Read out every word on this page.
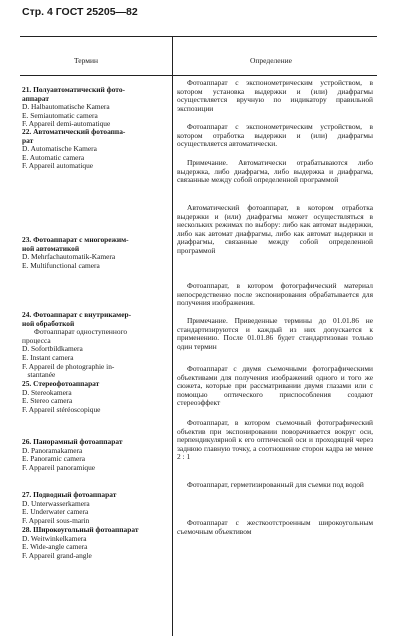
Стр. 4 ГОСТ 25205—82
Термин	Определение
21. Полуавтоматический фото-
аппарат
D. Halbautomatische Kamera
E. Semiautomatic camera
F. Appareil demi-automatique
22. Автоматический фотоаппа-
рат
D. Automatische Kamera
E. Automatic camera
F. Appareil automatique
23. Фотоаппарат с многорежим-
ной автоматикой
D. Mehrfachautomatik-Kamera
E. Multifunctional camera
24. Фотоаппарат с внутрикамер-
ной обработкой
Фотоаппарат одноступенного
процесса
D. Sofortbildkamera
E. Instant camera
F. Appareil de photographie in-
staпtanée
25. Стереофотоаппарат
D. Stereokamera
E. Stereo camera
F. Appareil stéréoscopique
26. Панорамный фотоаппарат
D. Panoramakamera
E. Panoramic camera
F. Appareil panoramique
27. Подводный фотоаппарат
D. Unterwasserkamera
E. Underwater camera
F. Appareil sous-marin
28. Широкоугольный фотоаппарат
D. Weitwinkelkamera
E. Wide-angle camera
F. Appareil grand-angle
Фотоаппарат с экспонометрическим устройством, в котором установка выдержки и (или) диафрагмы осуществляется вручную по индикатору правильной экспозиции
Фотоаппарат с экспонометрическим устройством, в котором отработка выдержки и (или) диафрагмы осуществляется автоматически.
Примечание. Автоматически отрабатываются либо выдержка, либо диафрагма, либо выдержка и диафрагма, связанные между собой определенной программой
Автоматический фотоаппарат, в котором отработка выдержки и (или) диафрагмы может осуществляться в нескольких режимах по выбору: либо как автомат выдержки, либо как автомат диафрагмы, либо как автомат выдержки и диафрагмы, связанные между собой определенной программой
Фотоаппарат, в котором фотографический материал непосредственно после экспонирования обрабатывается для получения изображения.
Примечание. Приведенные термины до 01.01.86 не стандартизируются и каждый из них допускается к применению. После 01.01.86 будет стандартизован только один термин
Фотоаппарат с двумя съемочными фотографическими объективами для получения изображений одного и того же сюжета, которые при рассматривании двумя глазами или с помощью оптического приспособления создают стереоэффект
Фотоаппарат, в котором съемочный фотографический объектив при экспонировании поворачивается вокруг оси, перпендикулярной к его оптической оси и проходящей через заднюю главную точку, а соотношение сторон кадра не менее 2 : 1
Фотоаппарат, герметизированный для съемки под водой
Фотоаппарат с жесткоотстроенным широкоугольным съемочным объективом
